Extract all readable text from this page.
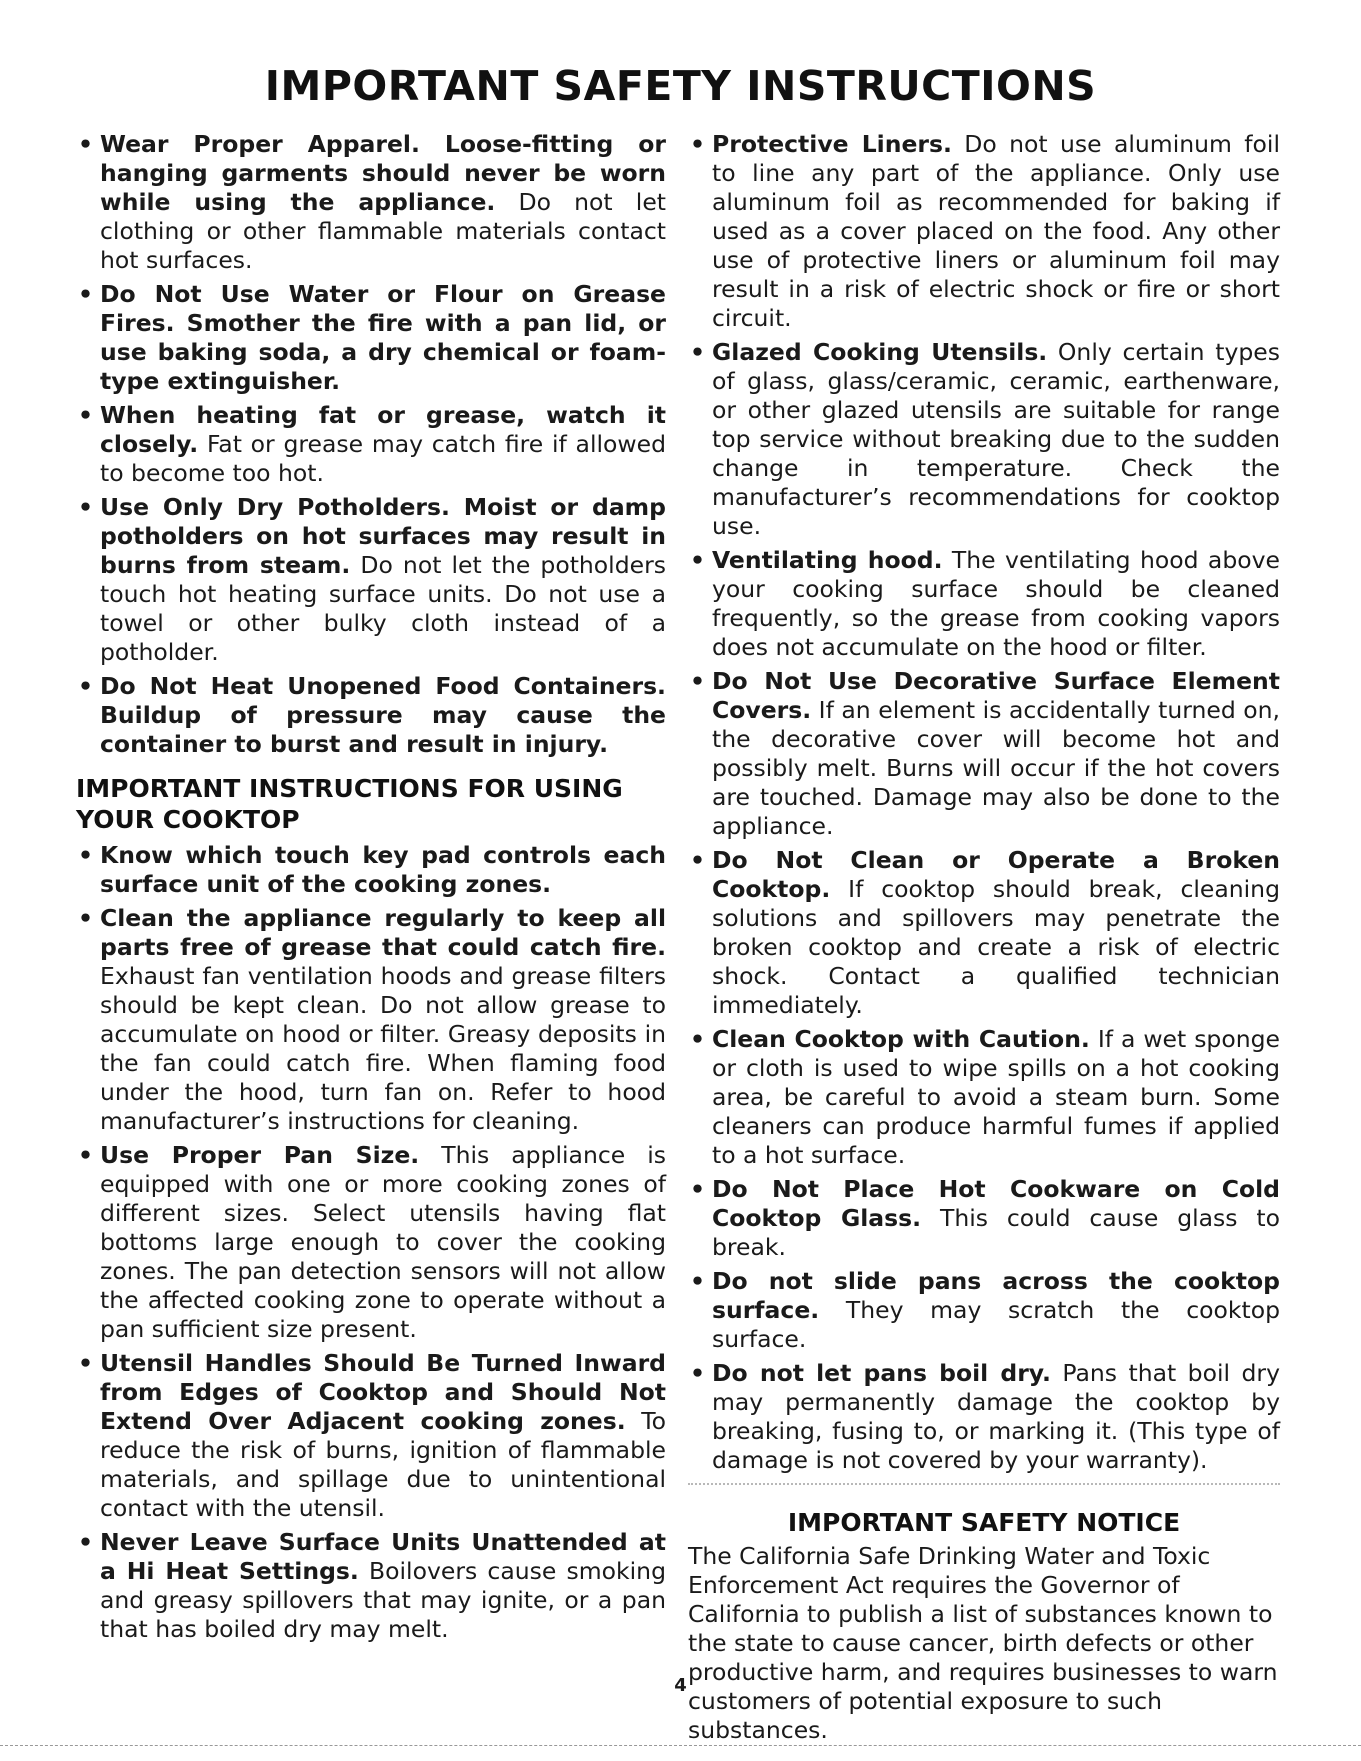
IMPORTANT SAFETY INSTRUCTIONS
• Wear Proper Apparel. Loose-fitting or hanging garments should never be worn while using the appliance. Do not let clothing or other flammable materials contact hot surfaces.
• Do Not Use Water or Flour on Grease Fires. Smother the fire with a pan lid, or use baking soda, a dry chemical or foam-type extinguisher.
• When heating fat or grease, watch it closely. Fat or grease may catch fire if allowed to become too hot.
• Use Only Dry Potholders. Moist or damp potholders on hot surfaces may result in burns from steam. Do not let the potholders touch hot heating surface units. Do not use a towel or other bulky cloth instead of a potholder.
• Do Not Heat Unopened Food Containers. Buildup of pressure may cause the container to burst and result in injury.
IMPORTANT INSTRUCTIONS FOR USING YOUR COOKTOP
• Know which touch key pad controls each surface unit of the cooking zones.
• Clean the appliance regularly to keep all parts free of grease that could catch fire. Exhaust fan ventilation hoods and grease filters should be kept clean. Do not allow grease to accumulate on hood or filter. Greasy deposits in the fan could catch fire. When flaming food under the hood, turn fan on. Refer to hood manufacturer’s instructions for cleaning.
• Use Proper Pan Size. This appliance is equipped with one or more cooking zones of different sizes. Select utensils having flat bottoms large enough to cover the cooking zones. The pan detection sensors will not allow the affected cooking zone to operate without a pan sufficient size present.
• Utensil Handles Should Be Turned Inward from Edges of Cooktop and Should Not Extend Over Adjacent cooking zones. To reduce the risk of burns, ignition of flammable materials, and spillage due to unintentional contact with the utensil.
• Never Leave Surface Units Unattended at a Hi Heat Settings. Boilovers cause smoking and greasy spillovers that may ignite, or a pan that has boiled dry may melt.
• Protective Liners. Do not use aluminum foil to line any part of the appliance. Only use aluminum foil as recommended for baking if used as a cover placed on the food. Any other use of protective liners or aluminum foil may result in a risk of electric shock or fire or short circuit.
• Glazed Cooking Utensils. Only certain types of glass, glass/ceramic, ceramic, earthenware, or other glazed utensils are suitable for range top service without breaking due to the sudden change in temperature. Check the manufacturer’s recommendations for cooktop use.
• Ventilating hood. The ventilating hood above your cooking surface should be cleaned frequently, so the grease from cooking vapors does not accumulate on the hood or filter.
• Do Not Use Decorative Surface Element Covers. If an element is accidentally turned on, the decorative cover will become hot and possibly melt. Burns will occur if the hot covers are touched. Damage may also be done to the appliance.
• Do Not Clean or Operate a Broken Cooktop. If cooktop should break, cleaning solutions and spillovers may penetrate the broken cooktop and create a risk of electric shock. Contact a qualified technician immediately.
• Clean Cooktop with Caution. If a wet sponge or cloth is used to wipe spills on a hot cooking area, be careful to avoid a steam burn. Some cleaners can produce harmful fumes if applied to a hot surface.
• Do Not Place Hot Cookware on Cold Cooktop Glass. This could cause glass to break.
• Do not slide pans across the cooktop surface. They may scratch the cooktop surface.
• Do not let pans boil dry. Pans that boil dry may permanently damage the cooktop by breaking, fusing to, or marking it. (This type of damage is not covered by your warranty).
IMPORTANT SAFETY NOTICE

The California Safe Drinking Water and Toxic Enforcement Act requires the Governor of California to publish a list of substances known to the state to cause cancer, birth defects or other productive harm, and requires businesses to warn customers of potential exposure to such substances.

4
